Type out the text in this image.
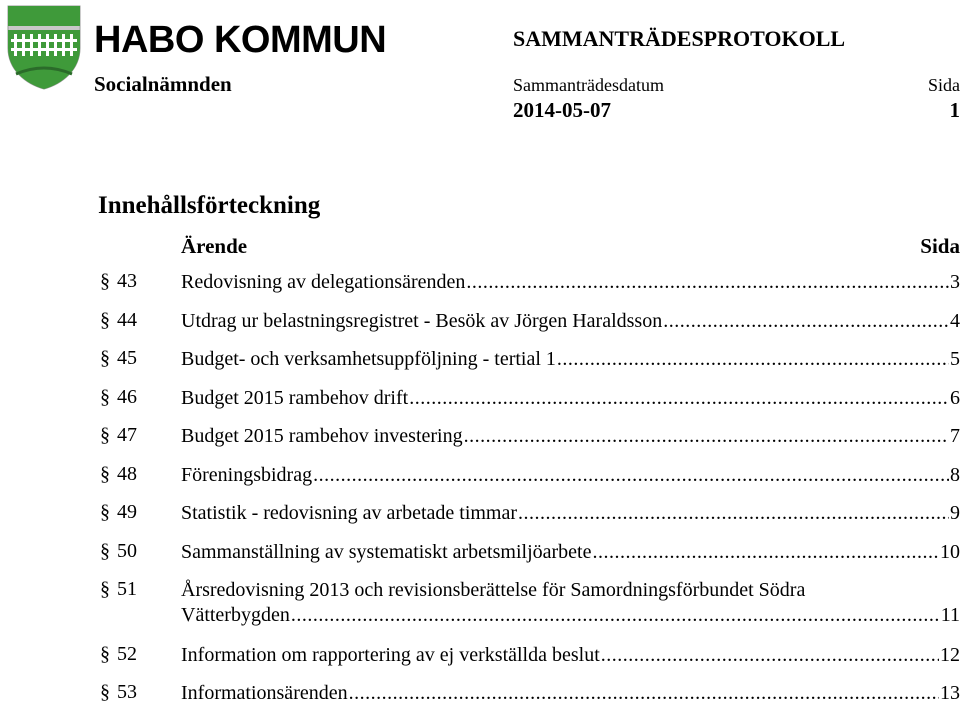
HABO KOMMUN
Socialnämnden
SAMMANTRÄDESPROTOKOLL
Sammanträdesdatum
2014-05-07
Sida
1
Innehållsförteckning
Ärende	Sida
§ 43	Redovisning av delegationsärenden .....	3
§ 44	Utdrag ur belastningsregistret - Besök av Jörgen Haraldsson .....	4
§ 45	Budget- och verksamhetsuppföljning - tertial 1 .....	5
§ 46	Budget 2015 rambehov drift .....	6
§ 47	Budget 2015 rambehov investering .....	7
§ 48	Föreningsbidrag .....	8
§ 49	Statistik - redovisning av arbetade timmar .....	9
§ 50	Sammanställning av systematiskt arbetsmiljöarbete .....	10
§ 51	Årsredovisning 2013 och revisionsberättelse för Samordningsförbundet Södra
Vätterbygden .....	11
§ 52	Information om rapportering av ej verkställda beslut .....	12
§ 53	Informationsärenden .....	13
